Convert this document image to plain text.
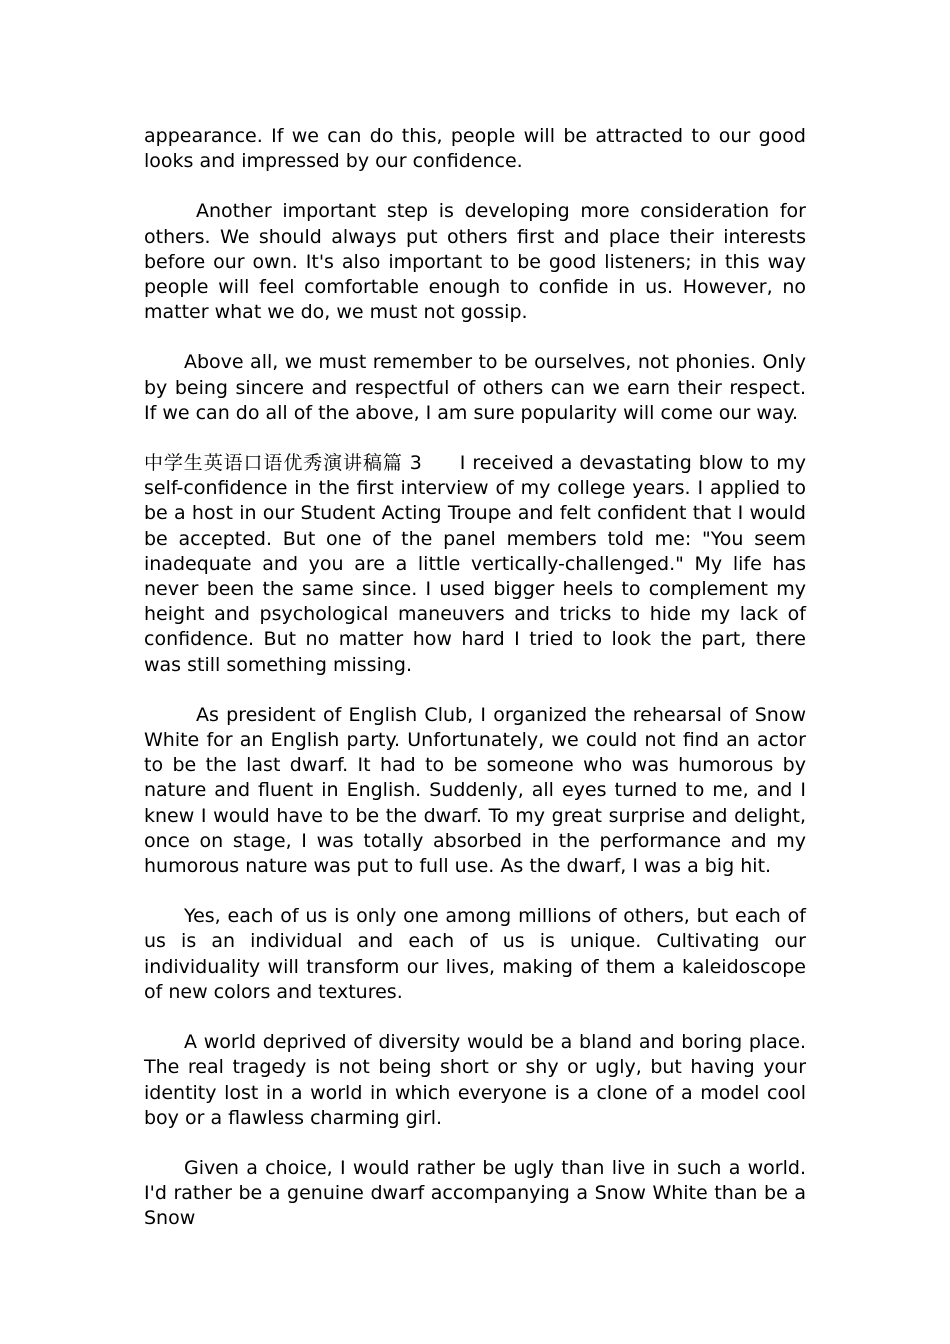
appearance. If we can do this, people will be attracted to our good looks and impressed by our confidence.

Another important step is developing more consideration for others. We should always put others first and place their interests before our own. It's also important to be good listeners; in this way people will feel comfortable enough to confide in us. However, no matter what we do, we must not gossip.

Above all, we must remember to be ourselves, not phonies. Only by being sincere and respectful of others can we earn their respect. If we can do all of the above, I am sure popularity will come our way.

中学生英语口语优秀演讲稿篇 3 I received a devastating blow to my self-confidence in the first interview of my college years. I applied to be a host in our Student Acting Troupe and felt confident that I would be accepted. But one of the panel members told me: "You seem inadequate and you are a little vertically-challenged." My life has never been the same since. I used bigger heels to complement my height and psychological maneuvers and tricks to hide my lack of confidence. But no matter how hard I tried to look the part, there was still something missing.

As president of English Club, I organized the rehearsal of Snow White for an English party. Unfortunately, we could not find an actor to be the last dwarf. It had to be someone who was humorous by nature and fluent in English. Suddenly, all eyes turned to me, and I knew I would have to be the dwarf. To my great surprise and delight, once on stage, I was totally absorbed in the performance and my humorous nature was put to full use. As the dwarf, I was a big hit.

Yes, each of us is only one among millions of others, but each of us is an individual and each of us is unique. Cultivating our individuality will transform our lives, making of them a kaleidoscope of new colors and textures.

A world deprived of diversity would be a bland and boring place. The real tragedy is not being short or shy or ugly, but having your identity lost in a world in which everyone is a clone of a model cool boy or a flawless charming girl.

Given a choice, I would rather be ugly than live in such a world. I'd rather be a genuine dwarf accompanying a Snow White than be a Snow
